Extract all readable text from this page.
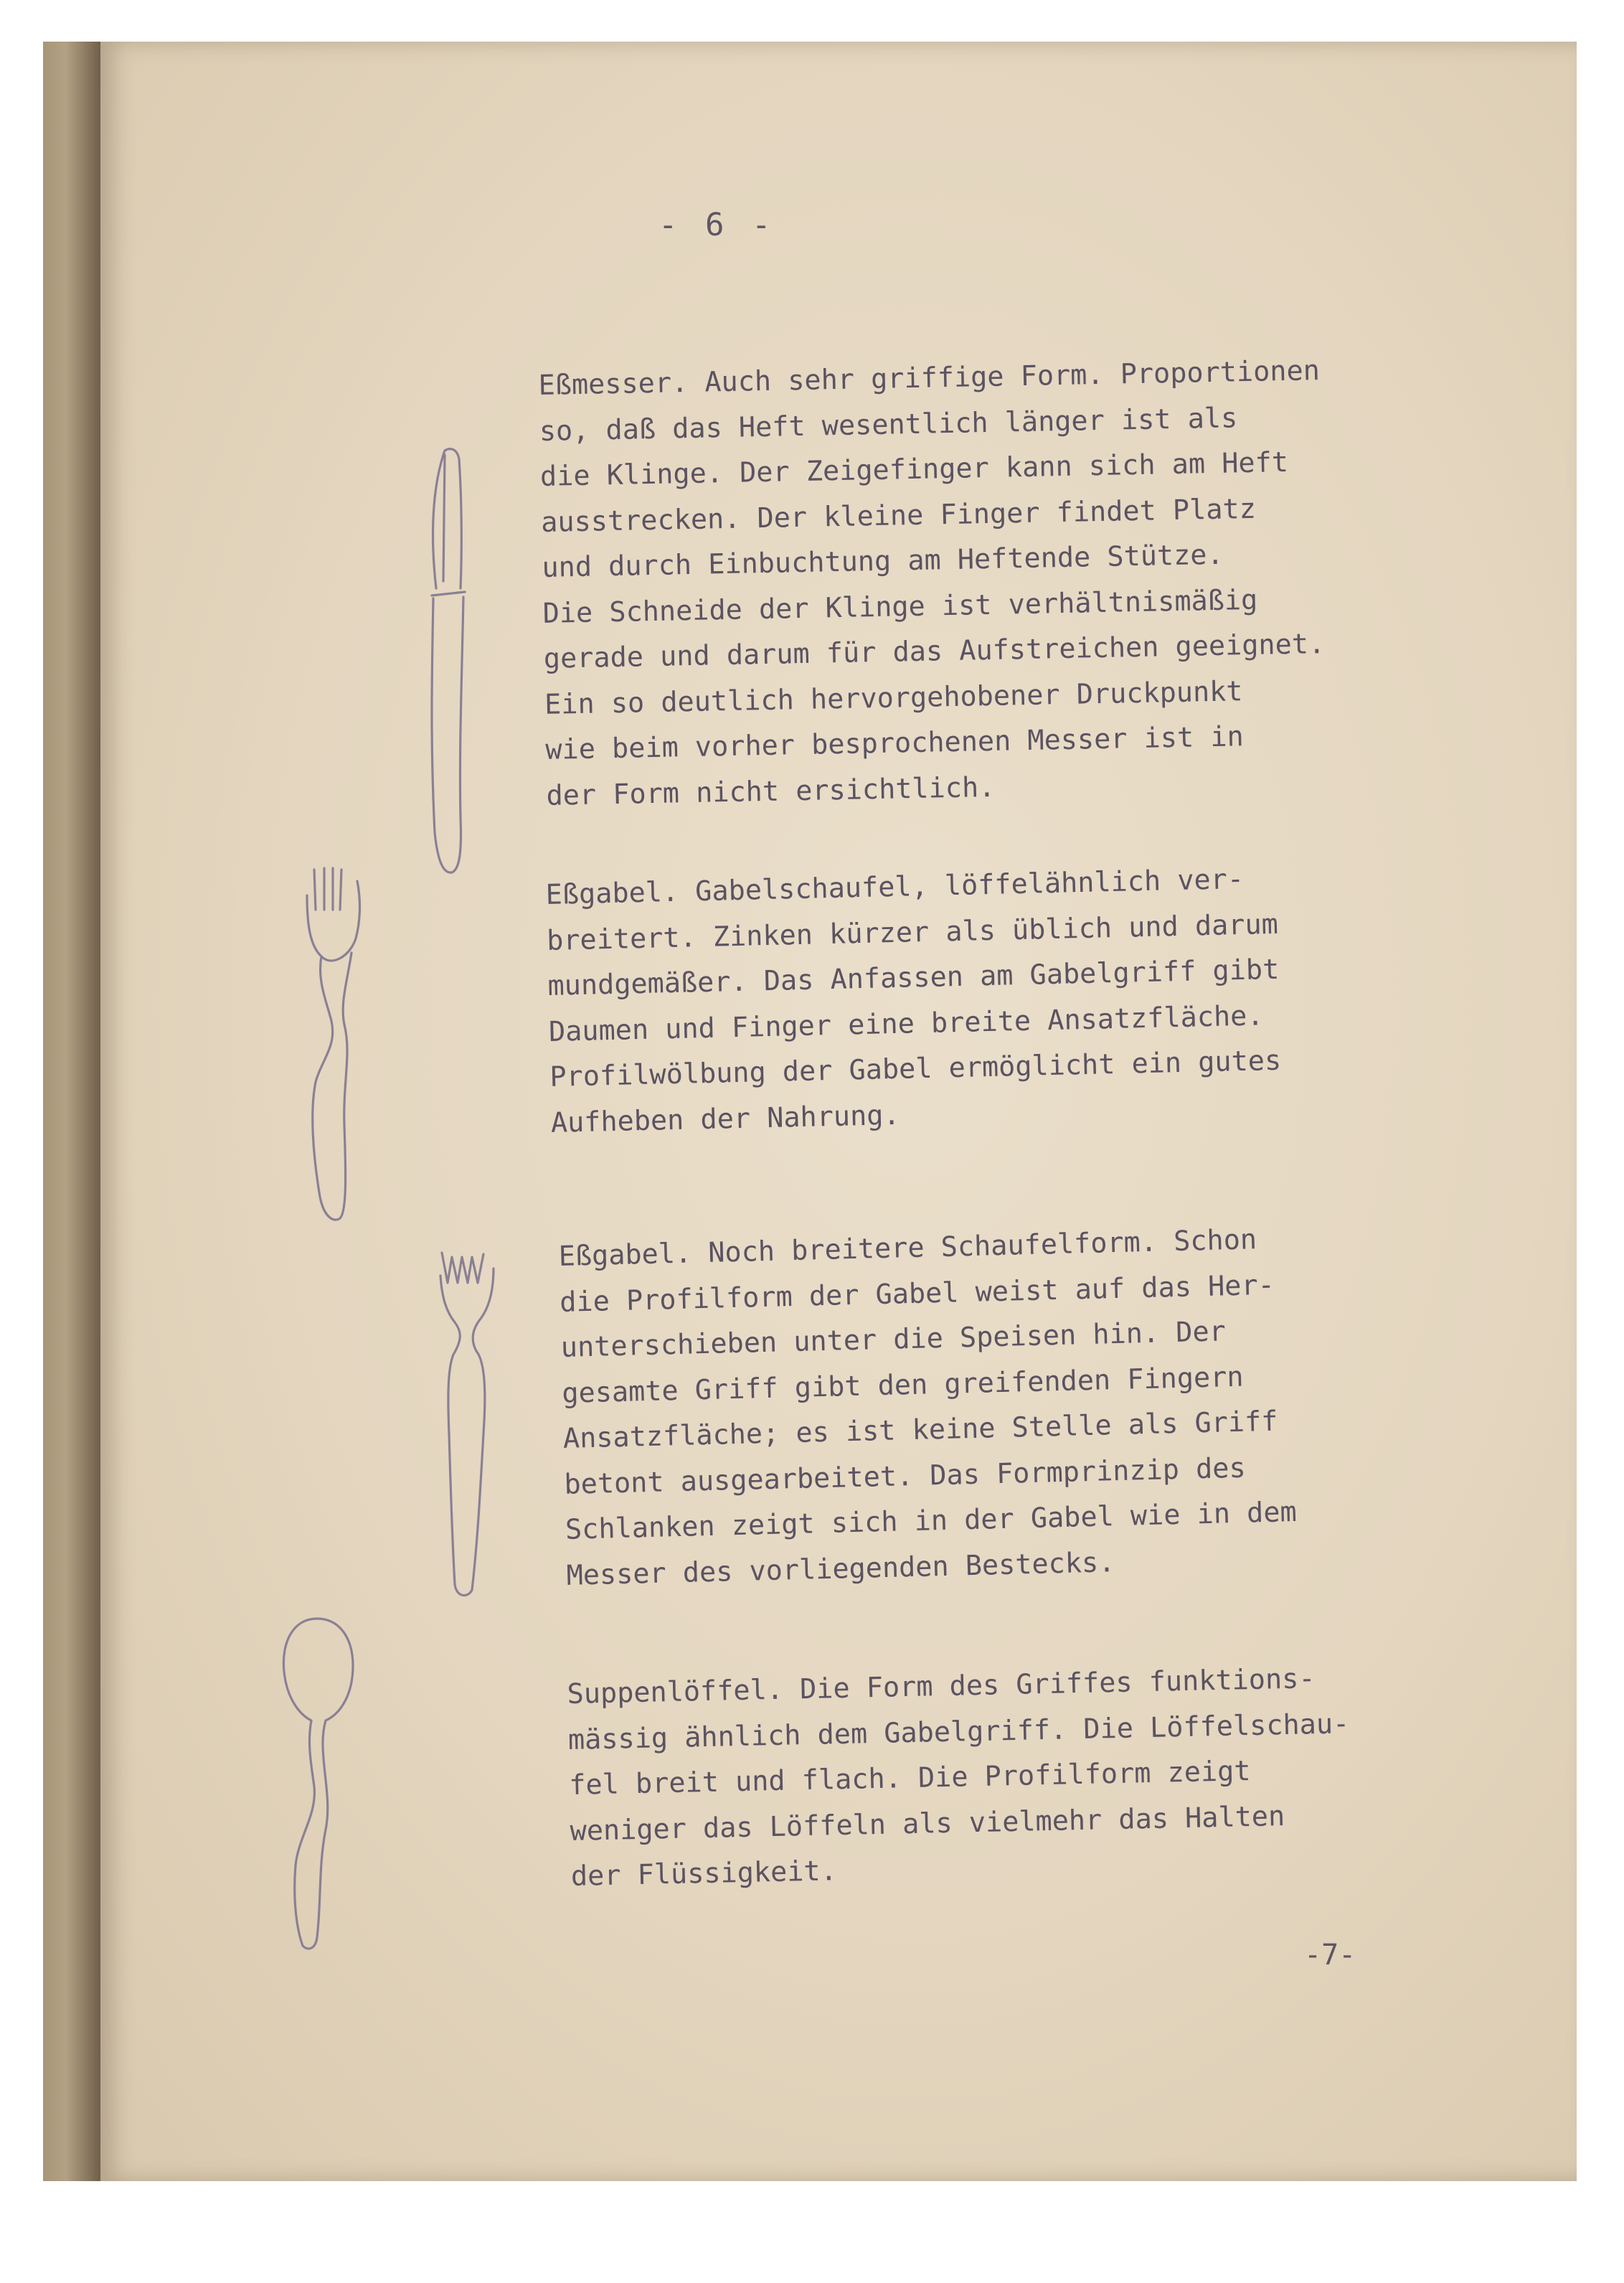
- 6 -
Eßmesser. Auch sehr griffige Form. Proportionen
so, daß das Heft wesentlich länger ist als
die Klinge. Der Zeigefinger kann sich am Heft
ausstrecken. Der kleine Finger findet Platz
und durch Einbuchtung am Heftende Stütze.
Die Schneide der Klinge ist verhältnismäßig
gerade und darum für das Aufstreichen geeignet.
Ein so deutlich hervorgehobener Druckpunkt
wie beim vorher besprochenen Messer ist in
der Form nicht ersichtlich.
Eßgabel. Gabelschaufel, löffelähnlich ver-
breitert. Zinken kürzer als üblich und darum
mundgemäßer. Das Anfassen am Gabelgriff gibt
Daumen und Finger eine breite Ansatzfläche.
Profilwölbung der Gabel ermöglicht ein gutes
Aufheben der Nahrung.
Eßgabel. Noch breitere Schaufelform. Schon
die Profilform der Gabel weist auf das Her-
unterschieben unter die Speisen hin. Der
gesamte Griff gibt den greifenden Fingern
Ansatzfläche; es ist keine Stelle als Griff
betont ausgearbeitet. Das Formprinzip des
Schlanken zeigt sich in der Gabel wie in dem
Messer des vorliegenden Bestecks.
Suppenlöffel. Die Form des Griffes funktions-
mässig ähnlich dem Gabelgriff. Die Löffelschau-
fel breit und flach. Die Profilform zeigt
weniger das Löffeln als vielmehr das Halten
der Flüssigkeit.
-7-
